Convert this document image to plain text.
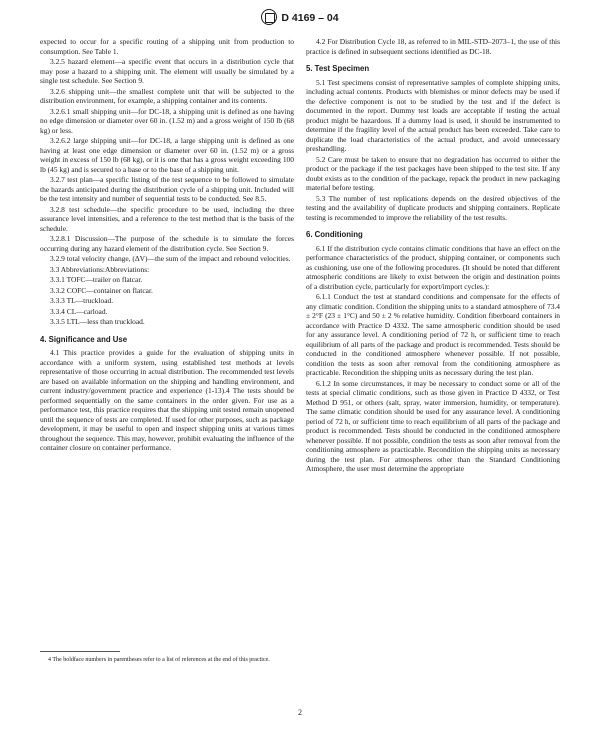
D 4169 – 04

expected to occur for a specific routing of a shipping unit from production to consumption. See Table 1.

3.2.5 hazard element—a specific event that occurs in a distribution cycle that may pose a hazard to a shipping unit. The element will usually be simulated by a single test schedule. See Section 9.

3.2.6 shipping unit—the smallest complete unit that will be subjected to the distribution environment, for example, a shipping container and its contents.

3.2.6.1 small shipping unit—for DC-18, a shipping unit is defined as one having no edge dimension or diameter over 60 in. (1.52 m) and a gross weight of 150 lb (68 kg) or less.

3.2.6.2 large shipping unit—for DC-18, a large shipping unit is defined as one having at least one edge dimension or diameter over 60 in. (1.52 m) or a gross weight in excess of 150 lb (68 kg), or it is one that has a gross weight exceeding 100 lb (45 kg) and is secured to a base or to the base of a shipping unit.

3.2.7 test plan—a specific listing of the test sequence to be followed to simulate the hazards anticipated during the distribution cycle of a shipping unit. Included will be the test intensity and number of sequential tests to be conducted. See 8.5.

3.2.8 test schedule—the specific procedure to be used, including the three assurance level intensities, and a reference to the test method that is the basis of the schedule.

3.2.8.1 Discussion—The purpose of the schedule is to simulate the forces occurring during any hazard element of the distribution cycle. See Section 9.

3.2.9 total velocity change, (ΔV)—the sum of the impact and rebound velocities.

3.3 Abbreviations:Abbreviations:

3.3.1 TOFC—trailer on flatcar.

3.3.2 COFC—container on flatcar.

3.3.3 TL—truckload.

3.3.4 CL—carload.

3.3.5 LTL—less than truckload.

4. Significance and Use

4.1 This practice provides a guide for the evaluation of shipping units in accordance with a uniform system, using established test methods at levels representative of those occurring in actual distribution. The recommended test levels are based on available information on the shipping and handling environment, and current industry/government practice and experience (1-13).4 The tests should be performed sequentially on the same containers in the order given. For use as a performance test, this practice requires that the shipping unit tested remain unopened until the sequence of tests are completed. If used for other purposes, such as package development, it may be useful to open and inspect shipping units at various times throughout the sequence. This may, however, prohibit evaluating the influence of the container closure on container performance.

4.2 For Distribution Cycle 18, as referred to in MIL-STD–2073–1, the use of this practice is defined in subsequent sections identified as DC-18.

5. Test Specimen

5.1 Test specimens consist of representative samples of complete shipping units, including actual contents. Products with blemishes or minor defects may be used if the defective component is not to be studied by the test and if the defect is documented in the report. Dummy test loads are acceptable if testing the actual product might be hazardous. If a dummy load is used, it should be instrumented to determine if the fragility level of the actual product has been exceeded. Take care to duplicate the load characteristics of the actual product, and avoid unnecessary preshandling.

5.2 Care must be taken to ensure that no degradation has occurred to either the product or the package if the test packages have been shipped to the test site. If any doubt exists as to the condition of the package, repack the product in new packaging material before testing.

5.3 The number of test replications depends on the desired objectives of the testing and the availability of duplicate products and shipping containers. Replicate testing is recommended to improve the reliability of the test results.

6. Conditioning

6.1 If the distribution cycle contains climatic conditions that have an effect on the performance characteristics of the product, shipping container, or components such as cushioning, use one of the following procedures. (It should be noted that different atmospheric conditions are likely to exist between the origin and destination points of a distribution cycle, particularly for export/import cycles.):

6.1.1 Conduct the test at standard conditions and compensate for the effects of any climatic condition. Condition the shipping units to a standard atmosphere of 73.4 ± 2°F (23 ± 1°C) and 50 ± 2 % relative humidity. Condition fiberboard containers in accordance with Practice D 4332. The same atmospheric condition should be used for any assurance level. A conditioning period of 72 h, or sufficient time to reach equilibrium of all parts of the package and product is recommended. Tests should be conducted in the conditioned atmosphere whenever possible. If not possible, condition the tests as soon after removal from the conditioning atmosphere as practicable. Recondition the shipping units as necessary during the test plan.

6.1.2 In some circumstances, it may be necessary to conduct some or all of the tests at special climatic conditions, such as those given in Practice D 4332, or Test Method D 951, or others (salt, spray, water immersion, humidity, or temperature). The same climatic condition should be used for any assurance level. A conditioning period of 72 h, or sufficient time to reach equilibrium of all parts of the package and product is recommended. Tests should be conducted in the conditioned atmosphere whenever possible. If not possible, condition the tests as soon after removal from the conditioning atmosphere as practicable. Recondition the shipping units as necessary during the test plan. For atmospheres other than the Standard Conditioning Atmosphere, the user must determine the appropriate

4 The boldface numbers in parentheses refer to a list of references at the end of this practice.

2
